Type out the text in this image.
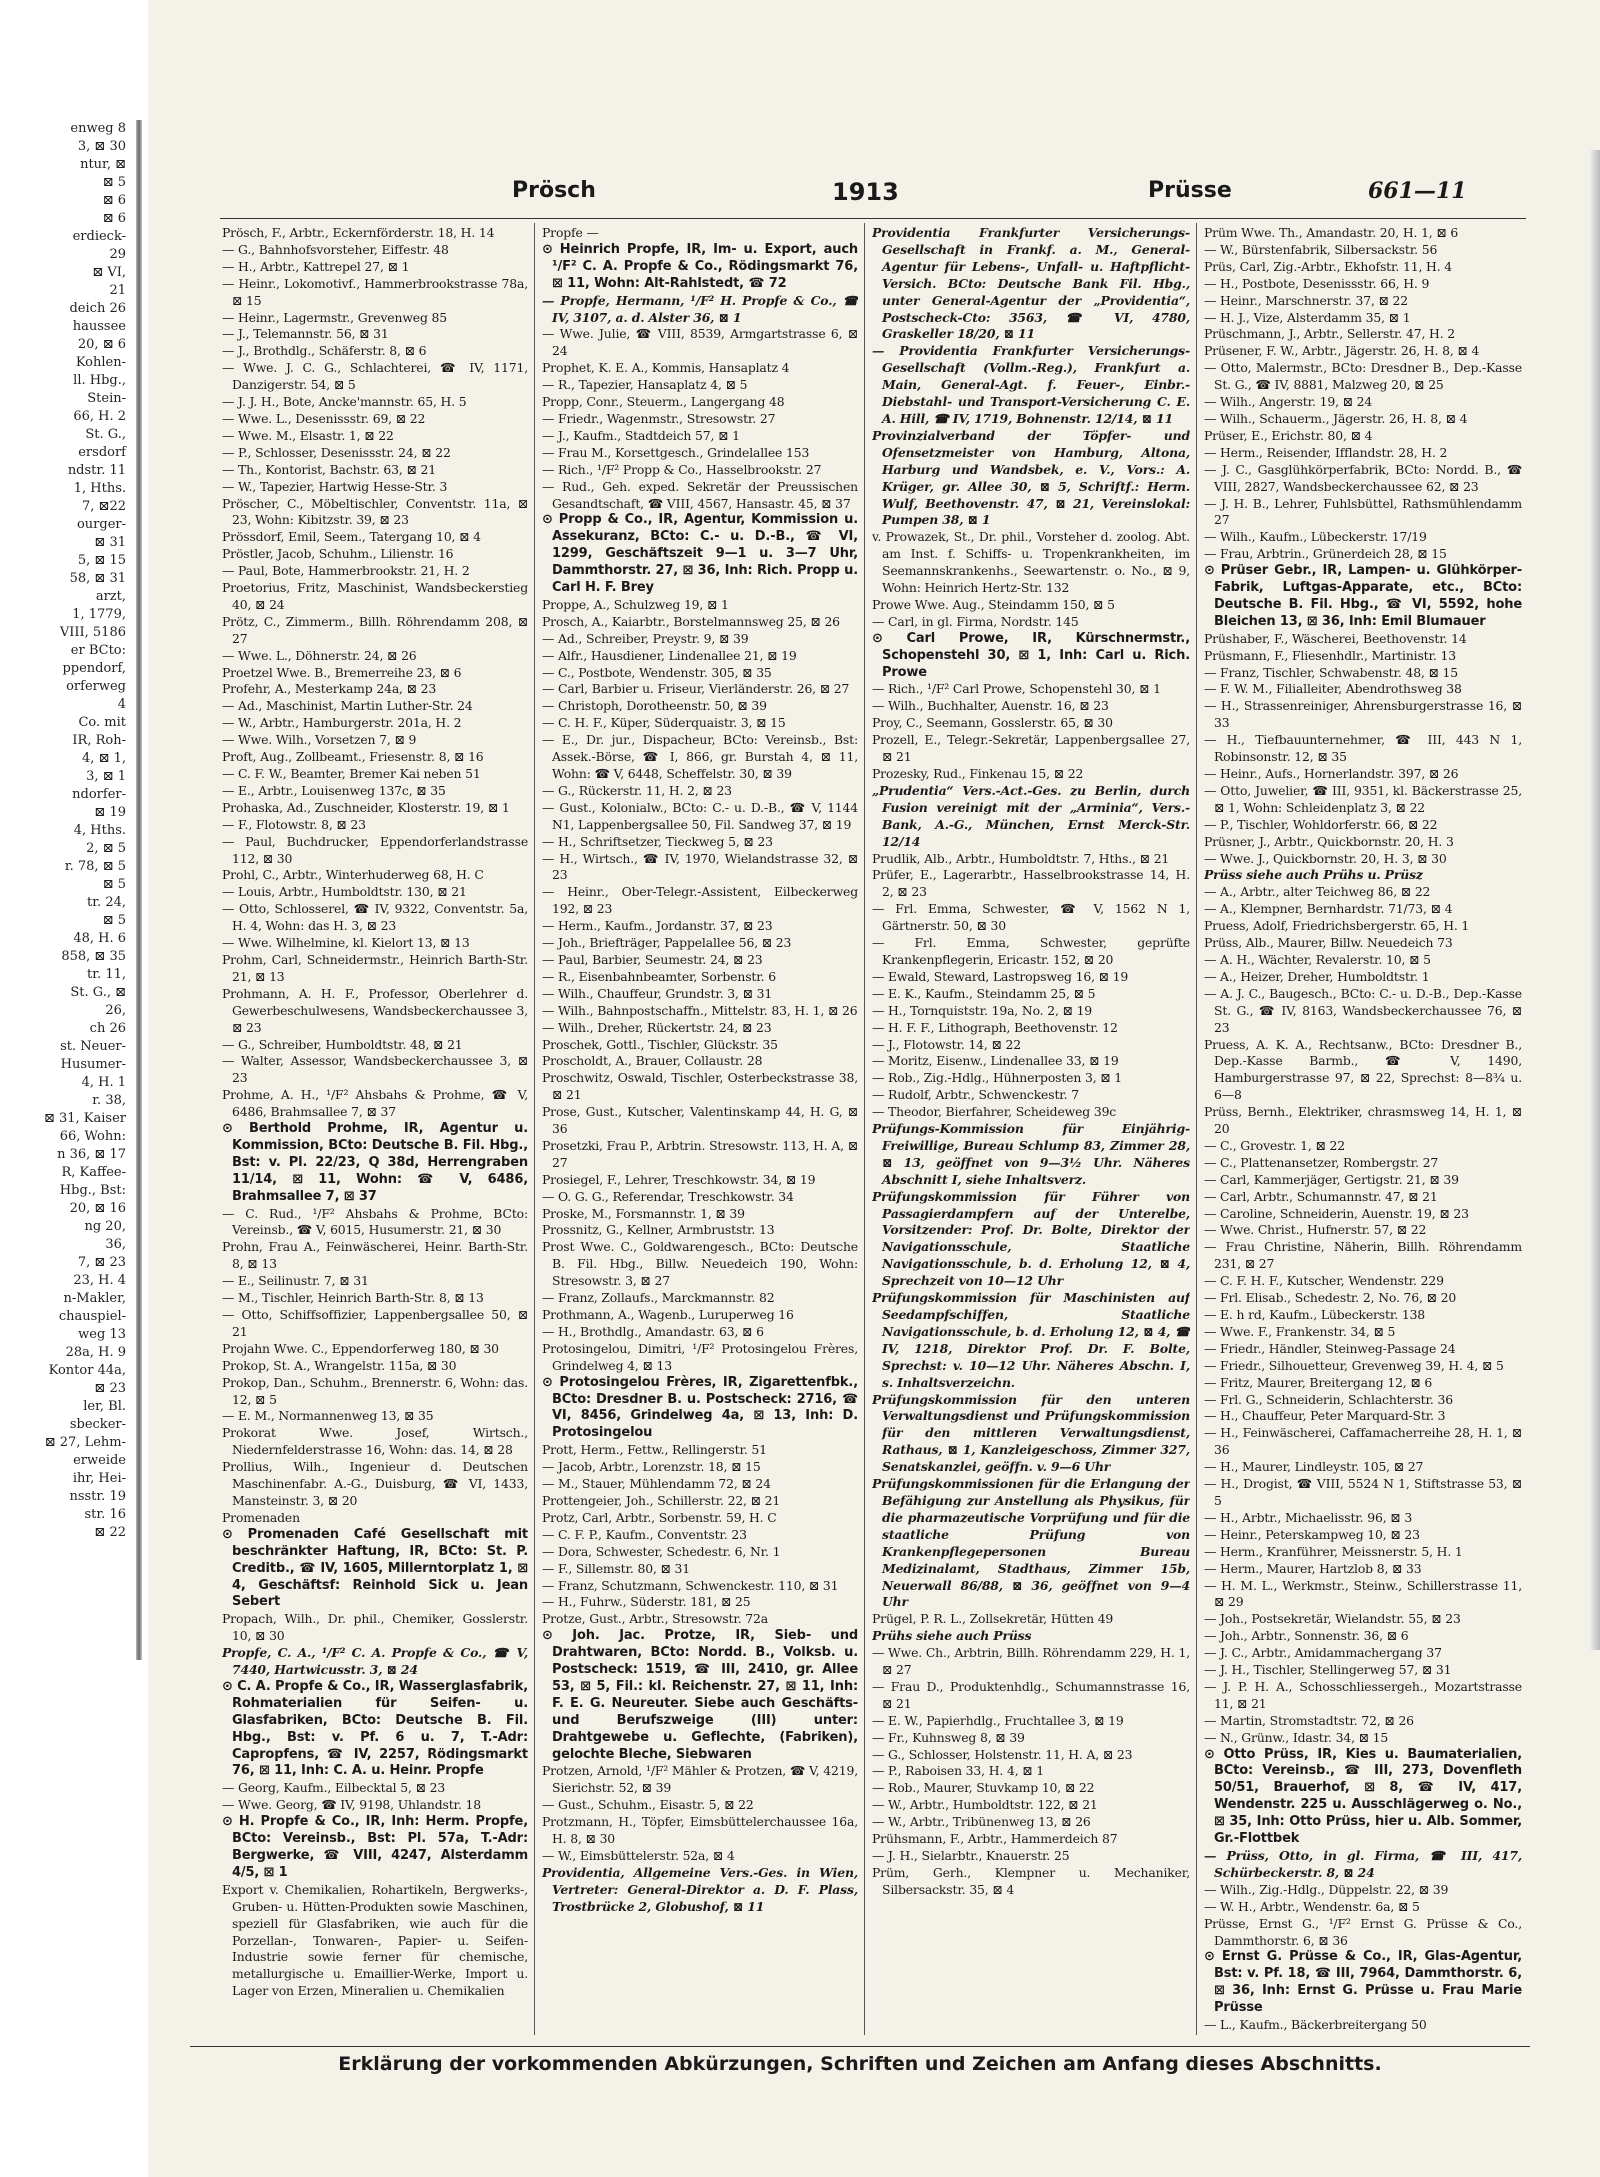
enweg 8
3, ⊠ 30
ntur, ⊠
⊠ 5
⊠ 6
⊠ 6
erdieck-
29
⊠ VI,
21
deich 26
haussee
20, ⊠ 6
Kohlen-
ll. Hbg.,
Stein-
66, H. 2
St. G.,
ersdorf
ndstr. 11
1, Hths.
7, ⊠22
ourger-
⊠ 31
5, ⊠ 15
58, ⊠ 31
arzt,
1, 1779,
VIII, 5186
er BCto:
ppendorf,
orferweg
4
Co. mit
IR, Roh-
4, ⊠ 1,
3, ⊠ 1
ndorfer-
⊠ 19
4, Hths.
2, ⊠ 5
r. 78, ⊠ 5
⊠ 5
tr. 24,
⊠ 5
48, H. 6
858, ⊠ 35
tr. 11,
St. G., ⊠
26,
ch 26
st. Neuer-
Husumer-
4, H. 1
r. 38,
⊠ 31, Kaiser
66, Wohn:
n 36, ⊠ 17
R, Kaffee-
Hbg., Bst:
20, ⊠ 16
ng 20,
36,
7, ⊠ 23
23, H. 4
n-Makler,
chauspiel-
weg 13
28a, H. 9
Kontor 44a,
⊠ 23
ler, Bl.
sbecker-
⊠ 27, Lehm-
erweide
ihr, Hei-
nsstr. 19
str. 16
⊠ 22
Prösch	1913	Prüsse	661—11

Prösch, F., Arbtr., Eckernförderstr. 18, H. 14

— G., Bahnhofsvorsteher, Eiffestr. 48

— H., Arbtr., Kattrepel 27, ⊠ 1

— Heinr., Lokomotivf., Hammerbrookstrasse 78a, ⊠ 15

— Heinr., Lagermstr., Grevenweg 85

— J., Telemannstr. 56, ⊠ 31

— J., Brothdlg., Schäferstr. 8, ⊠ 6

— Wwe. J. C. G., Schlachterei, ☎ IV, 1171, Danzigerstr. 54, ⊠ 5

— J. J. H., Bote, Ancke'mannstr. 65, H. 5

— Wwe. L., Desenissstr. 69, ⊠ 22

— Wwe. M., Elsastr. 1, ⊠ 22

— P., Schlosser, Desenissstr. 24, ⊠ 22

— Th., Kontorist, Bachstr. 63, ⊠ 21

— W., Tapezier, Hartwig Hesse-Str. 3

Pröscher, C., Möbeltischler, Conventstr. 11a, ⊠ 23, Wohn: Kibitzstr. 39, ⊠ 23

Prössdorf, Emil, Seem., Tatergang 10, ⊠ 4

Pröstler, Jacob, Schuhm., Lilienstr. 16

— Paul, Bote, Hammerbrookstr. 21, H. 2

Proetorius, Fritz, Maschinist, Wandsbeckerstieg 40, ⊠ 24

Prötz, C., Zimmerm., Billh. Röhrendamm 208, ⊠ 27

— Wwe. L., Döhnerstr. 24, ⊠ 26

Proetzel Wwe. B., Bremerreihe 23, ⊠ 6

Profehr, A., Mesterkamp 24a, ⊠ 23

— Ad., Maschinist, Martin Luther-Str. 24

— W., Arbtr., Hamburgerstr. 201a, H. 2

— Wwe. Wilh., Vorsetzen 7, ⊠ 9

Proft, Aug., Zollbeamt., Friesenstr. 8, ⊠ 16

— C. F. W., Beamter, Bremer Kai neben 51

— E., Arbtr., Louisenweg 137c, ⊠ 35

Prohaska, Ad., Zuschneider, Klosterstr. 19, ⊠ 1

— F., Flotowstr. 8, ⊠ 23

— Paul, Buchdrucker, Eppendorferlandstrasse 112, ⊠ 30

Prohl, C., Arbtr., Winterhuderweg 68, H. C

— Louis, Arbtr., Humboldtstr. 130, ⊠ 21

— Otto, Schlosserel, ☎ IV, 9322, Conventstr. 5a, H. 4, Wohn: das H. 3, ⊠ 23

— Wwe. Wilhelmine, kl. Kielort 13, ⊠ 13

Prohm, Carl, Schneidermstr., Heinrich Barth-Str. 21, ⊠ 13

Prohmann, A. H. F., Professor, Oberlehrer d. Gewerbeschulwesens, Wandsbeckerchaussee 3, ⊠ 23

— G., Schreiber, Humboldtstr. 48, ⊠ 21

— Walter, Assessor, Wandsbeckerchaussee 3, ⊠ 23

Prohme, A. H., ¹/F² Ahsbahs & Prohme, ☎ V, 6486, Brahmsallee 7, ⊠ 37

⊙ Berthold Prohme, IR, Agentur u. Kommission, BCto: Deutsche B. Fil. Hbg., Bst: v. Pl. 22/23, Q 38d, Herrengraben 11/14, ⊠ 11, Wohn: ☎ V, 6486, Brahmsallee 7, ⊠ 37

— C. Rud., ¹/F² Ahsbahs & Prohme, BCto: Vereinsb., ☎ V, 6015, Husumerstr. 21, ⊠ 30

Prohn, Frau A., Feinwäscherei, Heinr. Barth-Str. 8, ⊠ 13

— E., Seilinustr. 7, ⊠ 31

— M., Tischler, Heinrich Barth-Str. 8, ⊠ 13

— Otto, Schiffsoffizier, Lappenbergsallee 50, ⊠ 21

Projahn Wwe. C., Eppendorferweg 180, ⊠ 30

Prokop, St. A., Wrangelstr. 115a, ⊠ 30

Prokop, Dan., Schuhm., Brennerstr. 6, Wohn: das. 12, ⊠ 5

— E. M., Normannenweg 13, ⊠ 35

Prokorat Wwe. Josef, Wirtsch., Niedernfelderstrasse 16, Wohn: das. 14, ⊠ 28

Prollius, Wilh., Ingenieur d. Deutschen Maschinenfabr. A.-G., Duisburg, ☎ VI, 1433, Mansteinstr. 3, ⊠ 20

Promenaden

⊙ Promenaden Café Gesellschaft mit beschränkter Haftung, IR, BCto: St. P. Creditb., ☎ IV, 1605, Millerntorplatz 1, ⊠ 4, Geschäftsf: Reinhold Sick u. Jean Sebert

Propach, Wilh., Dr. phil., Chemiker, Gosslerstr. 10, ⊠ 30

Propfe, C. A., ¹/F² C. A. Propfe & Co., ☎ V, 7440, Hartwicusstr. 3, ⊠ 24

⊙ C. A. Propfe & Co., IR, Wasserglasfabrik, Rohmaterialien für Seifen- u. Glasfabriken, BCto: Deutsche B. Fil. Hbg., Bst: v. Pf. 6 u. 7, T.-Adr: Capropfens, ☎ IV, 2257, Rödingsmarkt 76, ⊠ 11, Inh: C. A. u. Heinr. Propfe

— Georg, Kaufm., Eilbecktal 5, ⊠ 23

— Wwe. Georg, ☎ IV, 9198, Uhlandstr. 18

⊙ H. Propfe & Co., IR, Inh: Herm. Propfe, BCto: Vereinsb., Bst: Pl. 57a, T.-Adr: Bergwerke, ☎ VIII, 4247, Alsterdamm 4/5, ⊠ 1

Export v. Chemikalien, Rohartikeln, Bergwerks-, Gruben- u. Hütten-Produkten sowie Maschinen, speziell für Glasfabriken, wie auch für die Porzellan-, Tonwaren-, Papier- u. Seifen-Industrie sowie ferner für chemische, metallurgische u. Emaillier-Werke, Import u. Lager von Erzen, Mineralien u. Chemikalien

Propfe —

⊙ Heinrich Propfe, IR, Im- u. Export, auch ¹/F² C. A. Propfe & Co., Rödingsmarkt 76, ⊠ 11, Wohn: Alt-Rahlstedt, ☎ 72

— Propfe, Hermann, ¹/F² H. Propfe & Co., ☎ IV, 3107, a. d. Alster 36, ⊠ 1

— Wwe. Julie, ☎ VIII, 8539, Armgartstrasse 6, ⊠ 24

Prophet, K. E. A., Kommis, Hansaplatz 4

— R., Tapezier, Hansaplatz 4, ⊠ 5

Propp, Conr., Steuerm., Langergang 48

— Friedr., Wagenmstr., Stresowstr. 27

— J., Kaufm., Stadtdeich 57, ⊠ 1

— Frau M., Korsettgesch., Grindelallee 153

— Rich., ¹/F² Propp & Co., Hasselbrookstr. 27

— Rud., Geh. exped. Sekretär der Preussischen Gesandtschaft, ☎ VIII, 4567, Hansastr. 45, ⊠ 37

⊙ Propp & Co., IR, Agentur, Kommission u. Assekuranz, BCto: C.- u. D.-B., ☎ VI, 1299, Geschäftszeit 9—1 u. 3—7 Uhr, Dammthorstr. 27, ⊠ 36, Inh: Rich. Propp u. Carl H. F. Brey

Proppe, A., Schulzweg 19, ⊠ 1

Prosch, A., Kaiarbtr., Borstelmannsweg 25, ⊠ 26

— Ad., Schreiber, Preystr. 9, ⊠ 39

— Alfr., Hausdiener, Lindenallee 21, ⊠ 19

— C., Postbote, Wendenstr. 305, ⊠ 35

— Carl, Barbier u. Friseur, Vierländerstr. 26, ⊠ 27

— Christoph, Dorotheenstr. 50, ⊠ 39

— C. H. F., Küper, Süderquaistr. 3, ⊠ 15

— E., Dr. jur., Dispacheur, BCto: Vereinsb., Bst: Assek.-Börse, ☎ I, 866, gr. Burstah 4, ⊠ 11, Wohn: ☎ V, 6448, Scheffelstr. 30, ⊠ 39

— G., Rückerstr. 11, H. 2, ⊠ 23

— Gust., Kolonialw., BCto: C.- u. D.-B., ☎ V, 1144 N1, Lappenbergsallee 50, Fil. Sandweg 37, ⊠ 19

— H., Schriftsetzer, Tieckweg 5, ⊠ 23

— H., Wirtsch., ☎ IV, 1970, Wielandstrasse 32, ⊠ 23

— Heinr., Ober-Telegr.-Assistent, Eilbeckerweg 192, ⊠ 23

— Herm., Kaufm., Jordanstr. 37, ⊠ 23

— Joh., Briefträger, Pappelallee 56, ⊠ 23

— Paul, Barbier, Seumestr. 24, ⊠ 23

— R., Eisenbahnbeamter, Sorbenstr. 6

— Wilh., Chauffeur, Grundstr. 3, ⊠ 31

— Wilh., Bahnpostschaffn., Mittelstr. 83, H. 1, ⊠ 26

— Wilh., Dreher, Rückertstr. 24, ⊠ 23

Proschek, Gottl., Tischler, Glückstr. 35

Proscholdt, A., Brauer, Collaustr. 28

Proschwitz, Oswald, Tischler, Osterbeckstrasse 38, ⊠ 21

Prose, Gust., Kutscher, Valentinskamp 44, H. G, ⊠ 36

Prosetzki, Frau P., Arbtrin. Stresowstr. 113, H. A, ⊠ 27

Prosiegel, F., Lehrer, Treschkowstr. 34, ⊠ 19

— O. G. G., Referendar, Treschkowstr. 34

Proske, M., Forsmannstr. 1, ⊠ 39

Prossnitz, G., Kellner, Armbruststr. 13

Prost Wwe. C., Goldwarengesch., BCto: Deutsche B. Fil. Hbg., Billw. Neuedeich 190, Wohn: Stresowstr. 3, ⊠ 27

— Franz, Zollaufs., Marckmannstr. 82

Prothmann, A., Wagenb., Luruperweg 16

— H., Brothdlg., Amandastr. 63, ⊠ 6

Protosingelou, Dimitri, ¹/F² Protosingelou Frères, Grindelweg 4, ⊠ 13

⊙ Protosingelou Frères, IR, Zigarettenfbk., BCto: Dresdner B. u. Postscheck: 2716, ☎ VI, 8456, Grindelweg 4a, ⊠ 13, Inh: D. Protosingelou

Prott, Herm., Fettw., Rellingerstr. 51

— Jacob, Arbtr., Lorenzstr. 18, ⊠ 15

— M., Stauer, Mühlendamm 72, ⊠ 24

Prottengeier, Joh., Schillerstr. 22, ⊠ 21

Protz, Carl, Arbtr., Sorbenstr. 59, H. C

— C. F. P., Kaufm., Conventstr. 23

— Dora, Schwester, Schedestr. 6, Nr. 1

— F., Sillemstr. 80, ⊠ 31

— Franz, Schutzmann, Schwenckestr. 110, ⊠ 31

— H., Fuhrw., Süderstr. 181, ⊠ 25

Protze, Gust., Arbtr., Stresowstr. 72a

⊙ Joh. Jac. Protze, IR, Sieb- und Drahtwaren, BCto: Nordd. B., Volksb. u. Postscheck: 1519, ☎ III, 2410, gr. Allee 53, ⊠ 5, Fil.: kl. Reichenstr. 27, ⊠ 11, Inh: F. E. G. Neureuter. Siebe auch Geschäfts- und Berufszweige (III) unter: Drahtgewebe u. Geflechte, (Fabriken), gelochte Bleche, Siebwaren

Protzen, Arnold, ¹/F² Mähler & Protzen, ☎ V, 4219, Sierichstr. 52, ⊠ 39

— Gust., Schuhm., Eisastr. 5, ⊠ 22

Protzmann, H., Töpfer, Eimsbüttelerchaussee 16a, H. 8, ⊠ 30

— W., Eimsbüttelerstr. 52a, ⊠ 4

Providentia, Allgemeine Vers.-Ges. in Wien, Vertreter: General-Direktor a. D. F. Plass, Trostbrücke 2, Globushof, ⊠ 11

Providentia Frankfurter Versicherungs-Gesellschaft in Frankf. a. M., General-Agentur für Lebens-, Unfall- u. Haftpflicht-Versich. BCto: Deutsche Bank Fil. Hbg., unter General-Agentur der „Providentia“, Postscheck-Cto: 3563, ☎ VI, 4780, Graskeller 18/20, ⊠ 11

— Providentia Frankfurter Versicherungs-Gesellschaft (Vollm.-Reg.), Frankfurt a. Main, General-Agt. f. Feuer-, Einbr.-Diebstahl- und Transport-Versicherung C. E. A. Hill, ☎ IV, 1719, Bohnenstr. 12/14, ⊠ 11

Provinzialverband der Töpfer- und Ofensetzmeister von Hamburg, Altona, Harburg und Wandsbek, e. V., Vors.: A. Krüger, gr. Allee 30, ⊠ 5, Schriftf.: Herm. Wulf, Beethovenstr. 47, ⊠ 21, Vereinslokal: Pumpen 38, ⊠ 1

v. Prowazek, St., Dr. phil., Vorsteher d. zoolog. Abt. am Inst. f. Schiffs- u. Tropenkrankheiten, im Seemannskrankenhs., Seewartenstr. o. No., ⊠ 9, Wohn: Heinrich Hertz-Str. 132

Prowe Wwe. Aug., Steindamm 150, ⊠ 5

— Carl, in gl. Firma, Nordstr. 145

⊙ Carl Prowe, IR, Kürschnermstr., Schopenstehl 30, ⊠ 1, Inh: Carl u. Rich. Prowe

— Rich., ¹/F² Carl Prowe, Schopenstehl 30, ⊠ 1

— Wilh., Buchhalter, Auenstr. 16, ⊠ 23

Proy, C., Seemann, Gosslerstr. 65, ⊠ 30

Prozell, E., Telegr.-Sekretär, Lappenbergsallee 27, ⊠ 21

Prozesky, Rud., Finkenau 15, ⊠ 22

„Prudentia“ Vers.-Act.-Ges. zu Berlin, durch Fusion vereinigt mit der „Arminia“, Vers.-Bank, A.-G., München, Ernst Merck-Str. 12/14

Prudlik, Alb., Arbtr., Humboldtstr. 7, Hths., ⊠ 21

Prüfer, E., Lagerarbtr., Hasselbrookstrasse 14, H. 2, ⊠ 23

— Frl. Emma, Schwester, ☎ V, 1562 N 1, Gärtnerstr. 50, ⊠ 30

— Frl. Emma, Schwester, geprüfte Krankenpflegerin, Ericastr. 152, ⊠ 20

— Ewald, Steward, Lastropsweg 16, ⊠ 19

— E. K., Kaufm., Steindamm 25, ⊠ 5

— H., Tornquiststr. 19a, No. 2, ⊠ 19

— H. F. F., Lithograph, Beethovenstr. 12

— J., Flotowstr. 14, ⊠ 22

— Moritz, Eisenw., Lindenallee 33, ⊠ 19

— Rob., Zig.-Hdlg., Hühnerposten 3, ⊠ 1

— Rudolf, Arbtr., Schwenckestr. 7

— Theodor, Bierfahrer, Scheideweg 39c

Prüfungs-Kommission für Einjährig-Freiwillige, Bureau Schlump 83, Zimmer 28, ⊠ 13, geöffnet von 9—3½ Uhr. Näheres Abschnitt I, siehe Inhaltsverz.

Prüfungskommission für Führer von Passagierdampfern auf der Unterelbe, Vorsitzender: Prof. Dr. Bolte, Direktor der Navigationsschule, Staatliche Navigationsschule, b. d. Erholung 12, ⊠ 4, Sprechzeit von 10—12 Uhr

Prüfungskommission für Maschinisten auf Seedampfschiffen, Staatliche Navigationsschule, b. d. Erholung 12, ⊠ 4, ☎ IV, 1218, Direktor Prof. Dr. F. Bolte, Sprechst: v. 10—12 Uhr. Näheres Abschn. I, s. Inhaltsverzeichn.

Prüfungskommission für den unteren Verwaltungsdienst und Prüfungskommission für den mittleren Verwaltungsdienst, Rathaus, ⊠ 1, Kanzleigeschoss, Zimmer 327, Senatskanzlei, geöffn. v. 9—6 Uhr

Prüfungskommissionen für die Erlangung der Befähigung zur Anstellung als Physikus, für die pharmazeutische Vorprüfung und für die staatliche Prüfung von Krankenpflegepersonen Bureau Medizinalamt, Stadthaus, Zimmer 15b, Neuerwall 86/88, ⊠ 36, geöffnet von 9—4 Uhr

Prügel, P. R. L., Zollsekretär, Hütten 49

Prühs siehe auch Prüss

— Wwe. Ch., Arbtrin, Billh. Röhrendamm 229, H. 1, ⊠ 27

— Frau D., Produktenhdlg., Schumannstrasse 16, ⊠ 21

— E. W., Papierhdlg., Fruchtallee 3, ⊠ 19

— Fr., Kuhnsweg 8, ⊠ 39

— G., Schlosser, Holstenstr. 11, H. A, ⊠ 23

— P., Raboisen 33, H. 4, ⊠ 1

— Rob., Maurer, Stuvkamp 10, ⊠ 22

— W., Arbtr., Humboldtstr. 122, ⊠ 21

— W., Arbtr., Tribünenweg 13, ⊠ 26

Prühsmann, F., Arbtr., Hammerdeich 87

— J. H., Sielarbtr., Knauerstr. 25

Prüm, Gerh., Klempner u. Mechaniker, Silbersackstr. 35, ⊠ 4

Prüm Wwe. Th., Amandastr. 20, H. 1, ⊠ 6

— W., Bürstenfabrik, Silbersackstr. 56

Prüs, Carl, Zig.-Arbtr., Ekhofstr. 11, H. 4

— H., Postbote, Desenissstr. 66, H. 9

— Heinr., Marschnerstr. 37, ⊠ 22

— H. J., Vize, Alsterdamm 35, ⊠ 1

Prüschmann, J., Arbtr., Sellerstr. 47, H. 2

Prüsener, F. W., Arbtr., Jägerstr. 26, H. 8, ⊠ 4

— Otto, Malermstr., BCto: Dresdner B., Dep.-Kasse St. G., ☎ IV, 8881, Malzweg 20, ⊠ 25

— Wilh., Angerstr. 19, ⊠ 24

— Wilh., Schauerm., Jägerstr. 26, H. 8, ⊠ 4

Prüser, E., Erichstr. 80, ⊠ 4

— Herm., Reisender, Ifflandstr. 28, H. 2

— J. C., Gasglühkörperfabrik, BCto: Nordd. B., ☎ VIII, 2827, Wandsbeckerchaussee 62, ⊠ 23

— J. H. B., Lehrer, Fuhlsbüttel, Rathsmühlendamm 27

— Wilh., Kaufm., Lübeckerstr. 17/19

— Frau, Arbtrin., Grünerdeich 28, ⊠ 15

⊙ Prüser Gebr., IR, Lampen- u. Glühkörper-Fabrik, Luftgas-Apparate, etc., BCto: Deutsche B. Fil. Hbg., ☎ VI, 5592, hohe Bleichen 13, ⊠ 36, Inh: Emil Blumauer

Prüshaber, F., Wäscherei, Beethovenstr. 14

Prüsmann, F., Fliesenhdlr., Martinistr. 13

— Franz, Tischler, Schwabenstr. 48, ⊠ 15

— F. W. M., Filialleiter, Abendrothsweg 38

— H., Strassenreiniger, Ahrensburgerstrasse 16, ⊠ 33

— H., Tiefbauunternehmer, ☎ III, 443 N 1, Robinsonstr. 12, ⊠ 35

— Heinr., Aufs., Hornerlandstr. 397, ⊠ 26

— Otto, Juwelier, ☎ III, 9351, kl. Bäckerstrasse 25, ⊠ 1, Wohn: Schleidenplatz 3, ⊠ 22

— P., Tischler, Wohldorferstr. 66, ⊠ 22

Prüsner, J., Arbtr., Quickbornstr. 20, H. 3

— Wwe. J., Quickbornstr. 20, H. 3, ⊠ 30

Prüss siehe auch Prühs u. Prüsz

— A., Arbtr., alter Teichweg 86, ⊠ 22

— A., Klempner, Bernhardstr. 71/73, ⊠ 4

Pruess, Adolf, Friedrichsbergerstr. 65, H. 1

Prüss, Alb., Maurer, Billw. Neuedeich 73

— A. H., Wächter, Revalerstr. 10, ⊠ 5

— A., Heizer, Dreher, Humboldtstr. 1

— A. J. C., Baugesch., BCto: C.- u. D.-B., Dep.-Kasse St. G., ☎ IV, 8163, Wandsbeckerchaussee 76, ⊠ 23

Pruess, A. K. A., Rechtsanw., BCto: Dresdner B., Dep.-Kasse Barmb., ☎ V, 1490, Hamburgerstrasse 97, ⊠ 22, Sprechst: 8—8¾ u. 6—8

Prüss, Bernh., Elektriker, chrasmsweg 14, H. 1, ⊠ 20

— C., Grovestr. 1, ⊠ 22

— C., Plattenansetzer, Rombergstr. 27

— Carl, Kammerjäger, Gertigstr. 21, ⊠ 39

— Carl, Arbtr., Schumannstr. 47, ⊠ 21

— Caroline, Schneiderin, Auenstr. 19, ⊠ 23

— Wwe. Christ., Hufnerstr. 57, ⊠ 22

— Frau Christine, Näherin, Billh. Röhrendamm 231, ⊠ 27

— C. F. H. F., Kutscher, Wendenstr. 229

— Frl. Elisab., Schedestr. 2, No. 76, ⊠ 20

— E. h rd, Kaufm., Lübeckerstr. 138

— Wwe. F., Frankenstr. 34, ⊠ 5

— Friedr., Händler, Steinweg-Passage 24

— Friedr., Silhouetteur, Grevenweg 39, H. 4, ⊠ 5

— Fritz, Maurer, Breitergang 12, ⊠ 6

— Frl. G., Schneiderin, Schlachterstr. 36

— H., Chauffeur, Peter Marquard-Str. 3

— H., Feinwäscherei, Caffamacherreihe 28, H. 1, ⊠ 36

— H., Maurer, Lindleystr. 105, ⊠ 27

— H., Drogist, ☎ VIII, 5524 N 1, Stiftstrasse 53, ⊠ 5

— H., Arbtr., Michaelisstr. 96, ⊠ 3

— Heinr., Peterskampweg 10, ⊠ 23

— Herm., Kranführer, Meissnerstr. 5, H. 1

— Herm., Maurer, Hartzlob 8, ⊠ 33

— H. M. L., Werkmstr., Steinw., Schillerstrasse 11, ⊠ 29

— Joh., Postsekretär, Wielandstr. 55, ⊠ 23

— Joh., Arbtr., Sonnenstr. 36, ⊠ 6

— J. C., Arbtr., Amidammachergang 37

— J. H., Tischler, Stellingerweg 57, ⊠ 31

— J. P. H. A., Schosschliessergeh., Mozartstrasse 11, ⊠ 21

— Martin, Stromstadtstr. 72, ⊠ 26

— N., Grünw., Idastr. 34, ⊠ 15

⊙ Otto Prüss, IR, Kies u. Baumaterialien, BCto: Vereinsb., ☎ III, 273, Dovenfleth 50/51, Brauerhof, ⊠ 8, ☎ IV, 417, Wendenstr. 225 u. Ausschlägerweg o. No., ⊠ 35, Inh: Otto Prüss, hier u. Alb. Sommer, Gr.-Flottbek

— Prüss, Otto, in gl. Firma, ☎ III, 417, Schürbeckerstr. 8, ⊠ 24

— Wilh., Zig.-Hdlg., Düppelstr. 22, ⊠ 39

— W. H., Arbtr., Wendenstr. 6a, ⊠ 5

Prüsse, Ernst G., ¹/F² Ernst G. Prüsse & Co., Dammthorstr. 6, ⊠ 36

⊙ Ernst G. Prüsse & Co., IR, Glas-Agentur, Bst: v. Pf. 18, ☎ III, 7964, Dammthorstr. 6, ⊠ 36, Inh: Ernst G. Prüsse u. Frau Marie Prüsse

— L., Kaufm., Bäckerbreitergang 50

Erklärung der vorkommenden Abkürzungen, Schriften und Zeichen am Anfang dieses Abschnitts.
